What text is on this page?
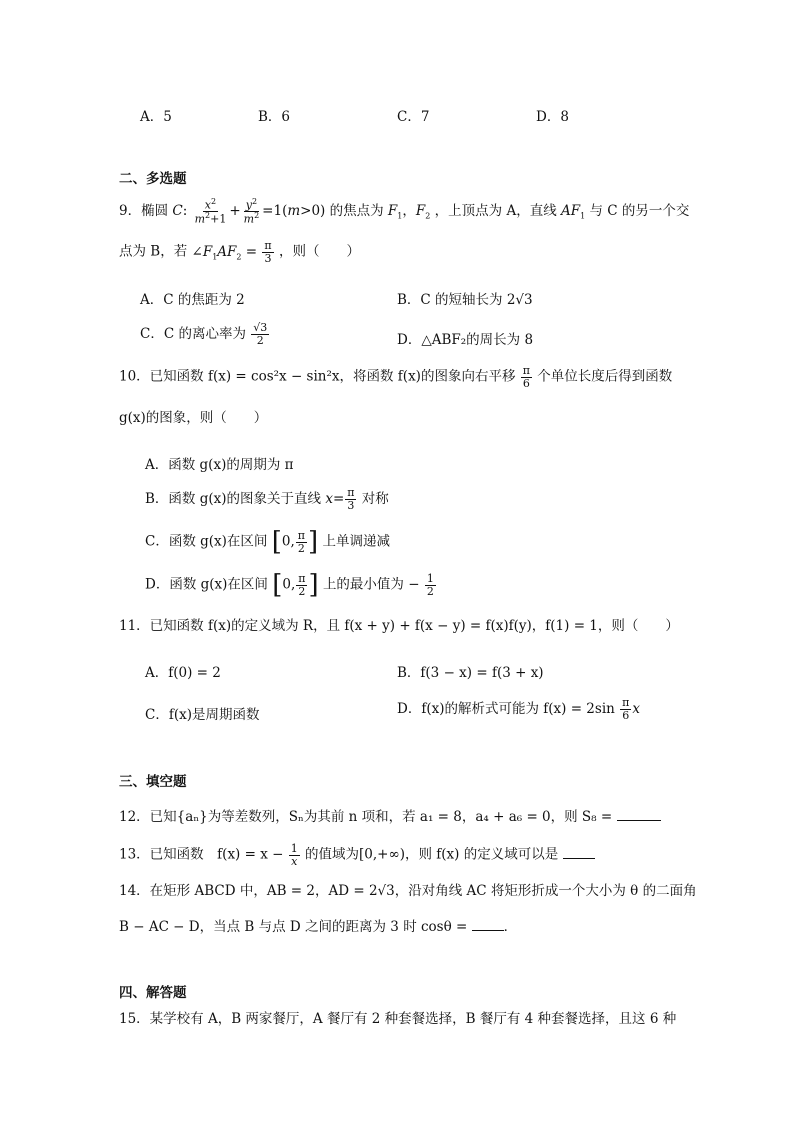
A．5	B．6	C．7	D．8
二、多选题
9．椭圆 C: $\frac{x^2}{m^2+1} + \frac{y^2}{m^2} =1(m>0)$ 的焦点为 $F_1$，$F_2$ ，上顶点为 A，直线 $AF_1$ 与 C 的另一个交
点为 B，若 $\angle F_1AF_2 = \frac{\pi}{3}$ ，则（　　）
A．C 的焦距为 2	B．C 的短轴长为 2√3
C．C 的离心率为 $\frac{√3}{2}$	D．△ABF₂的周长为 8
10．已知函数 f(x) = cos²x − sin²x，将函数 f(x)的图象向右平移 $\frac{\pi}{6}$ 个单位长度后得到函数
g(x)的图象，则（　　）
A．函数 g(x)的周期为 π
B．函数 g(x)的图象关于直线 $x= \frac{\pi}{3}$ 对称
C．函数 g(x)在区间 [0, $\frac{\pi}{2}$ ] 上单调递减
D．函数 g(x)在区间 [0, $\frac{\pi}{2}$ ] 上的最小值为 − $\frac{1}{2}$
11．已知函数 f(x)的定义域为 R，且 f(x + y) + f(x − y) = f(x)f(y)，f(1) = 1，则（　　）
A．f(0) = 2	B．f(3 − x) = f(3 + x)
C．f(x)是周期函数	D．f(x)的解析式可能为 $f(x) = 2\sin \frac{\pi}{6}$ x
三、填空题
12．已知{aₙ}为等差数列，Sₙ为其前 n 项和，若 a₁ = 8，a₄ + a₆ = 0，则 S₈ =
13．已知函数　$f(x) = x - \frac{1}{x}$ 的值域为[0,+∞)，则 f(x) 的定义域可以是
14．在矩形 ABCD 中，AB = 2，AD = 2√3，沿对角线 AC 将矩形折成一个大小为 θ 的二面角
B − AC − D，当点 B 与点 D 之间的距离为 3 时 cosθ = ．
四、解答题
15．某学校有 A，B 两家餐厅，A 餐厅有 2 种套餐选择，B 餐厅有 4 种套餐选择，且这 6 种
